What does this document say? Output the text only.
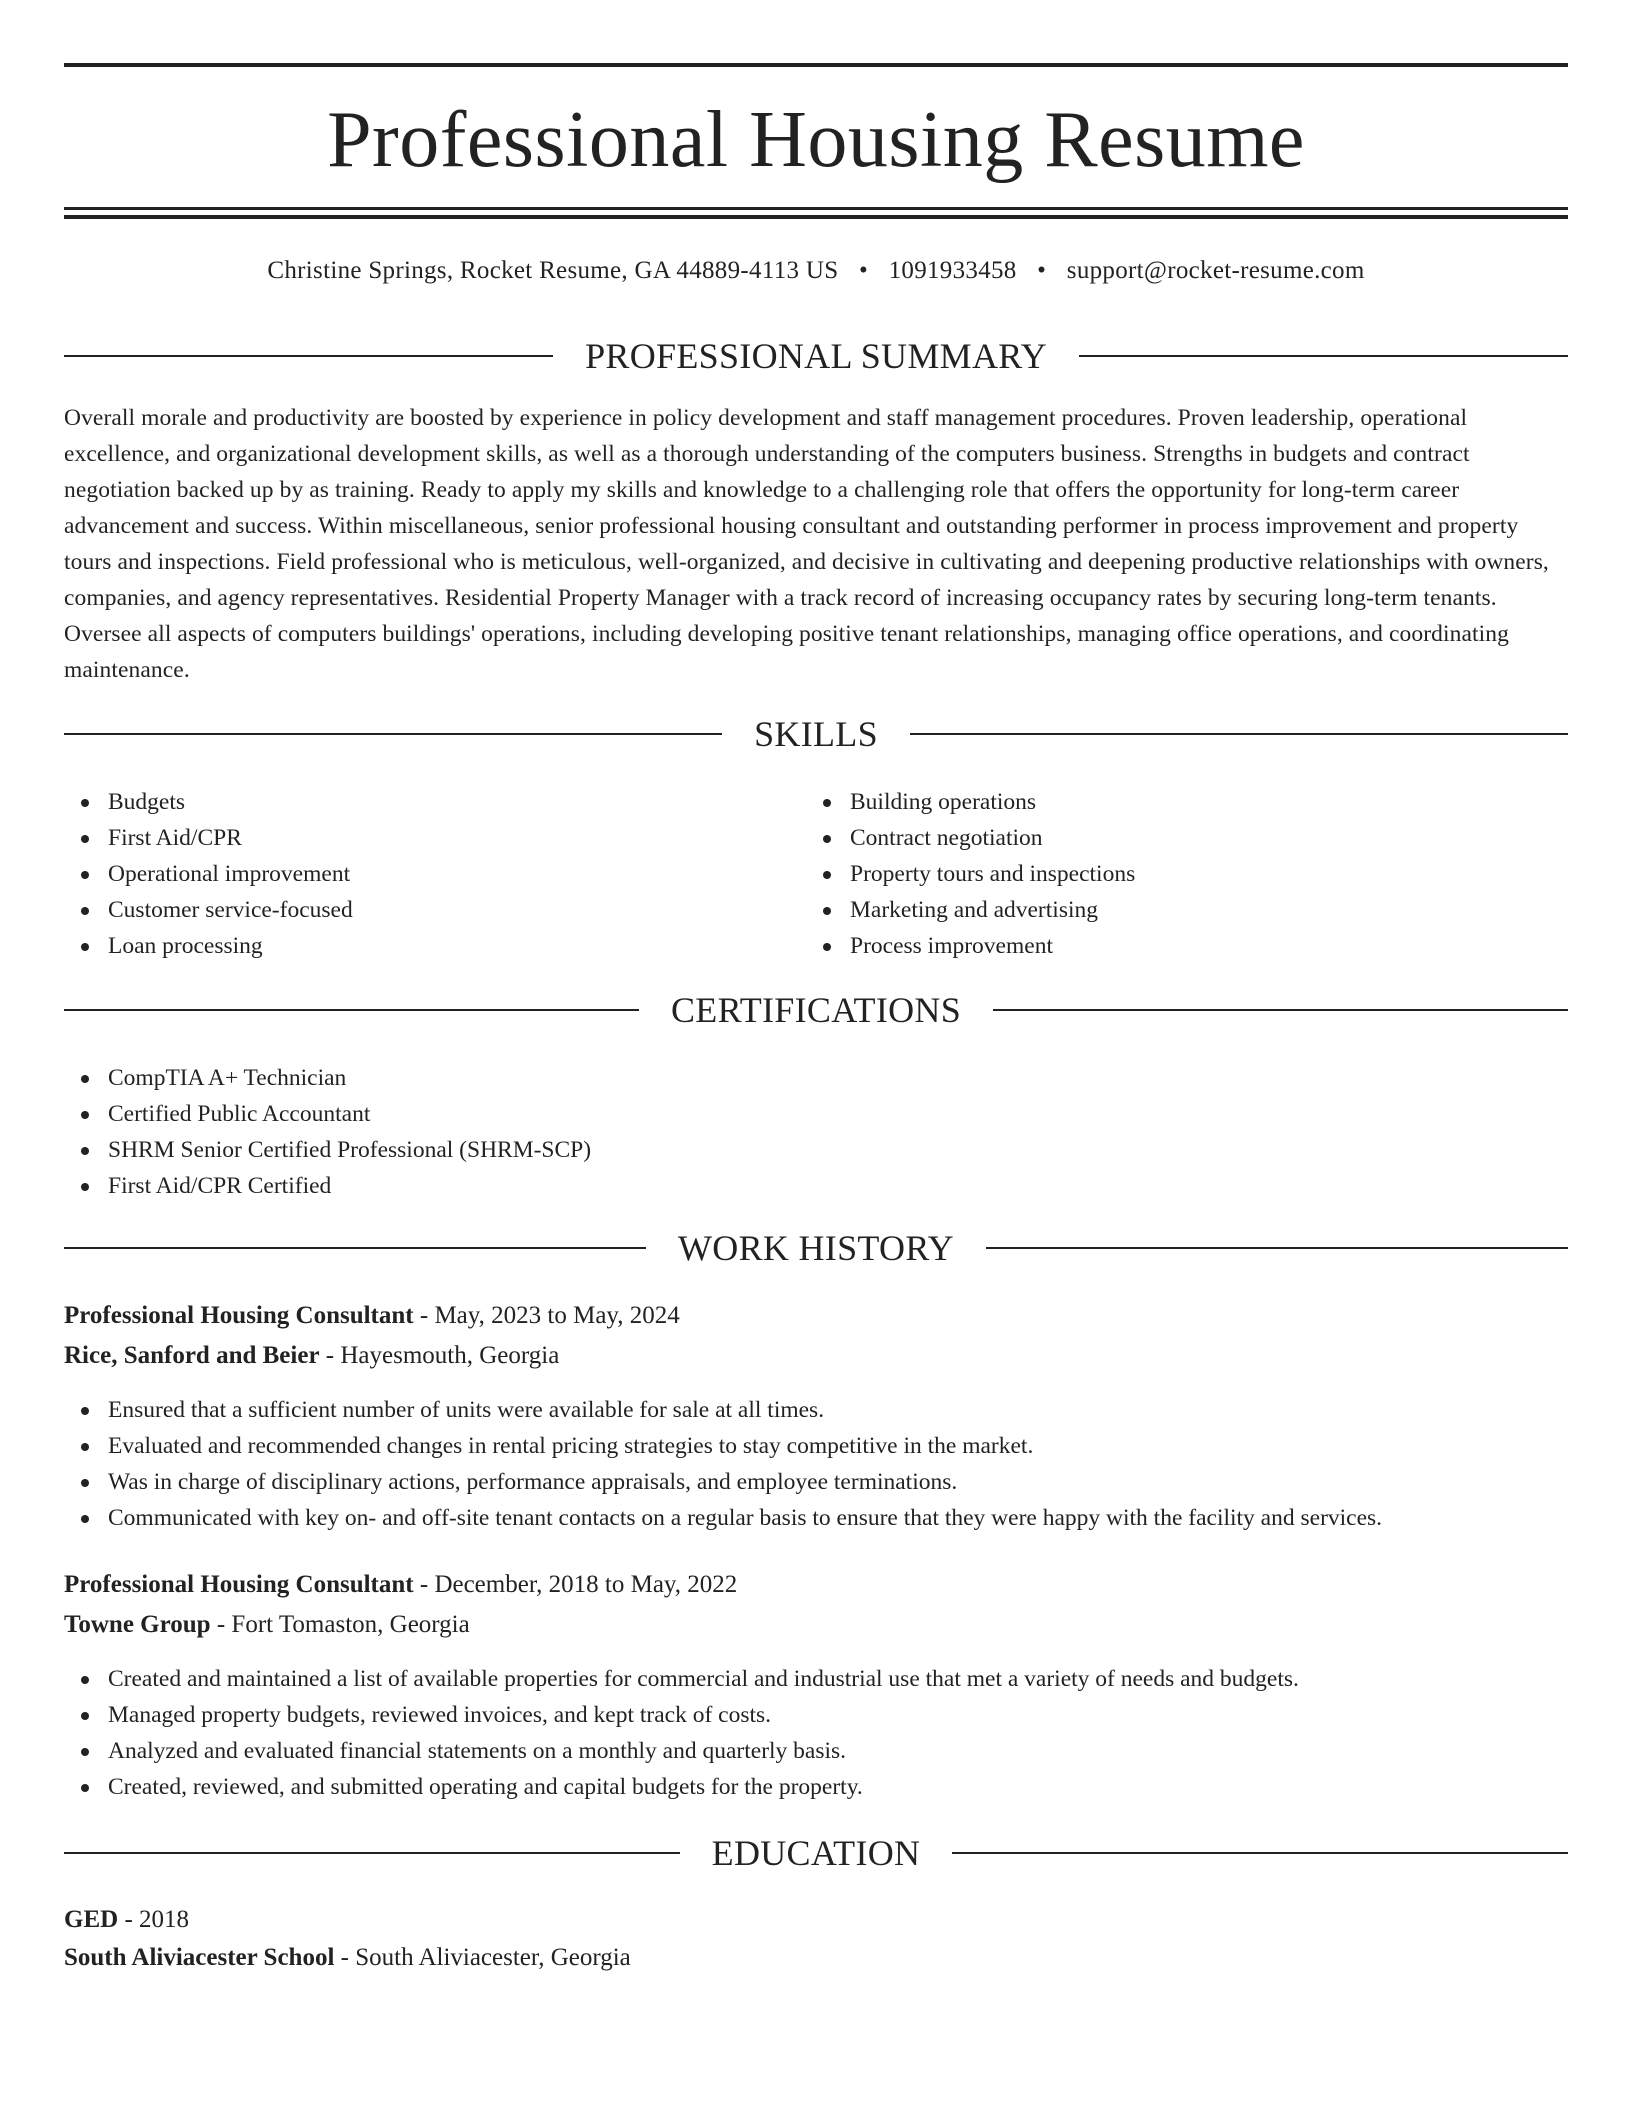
Professional Housing Resume
Christine Springs, Rocket Resume, GA 44889-4113 US • 1091933458 • support@rocket-resume.com
PROFESSIONAL SUMMARY

Overall morale and productivity are boosted by experience in policy development and staff management procedures. Proven leadership, operational excellence, and organizational development skills, as well as a thorough understanding of the computers business. Strengths in budgets and contract negotiation backed up by as training. Ready to apply my skills and knowledge to a challenging role that offers the opportunity for long-term career advancement and success. Within miscellaneous, senior professional housing consultant and outstanding performer in process improvement and property tours and inspections. Field professional who is meticulous, well-organized, and decisive in cultivating and deepening productive relationships with owners, companies, and agency representatives. Residential Property Manager with a track record of increasing occupancy rates by securing long-term tenants. Oversee all aspects of computers buildings' operations, including developing positive tenant relationships, managing office operations, and coordinating maintenance.

SKILLS
Budgets
First Aid/CPR
Operational improvement
Customer service-focused
Loan processing
Building operations
Contract negotiation
Property tours and inspections
Marketing and advertising
Process improvement
CERTIFICATIONS
CompTIA A+ Technician
Certified Public Accountant
SHRM Senior Certified Professional (SHRM-SCP)
First Aid/CPR Certified
WORK HISTORY
Professional Housing Consultant - May, 2023 to May, 2024
Rice, Sanford and Beier - Hayesmouth, Georgia
Ensured that a sufficient number of units were available for sale at all times.
Evaluated and recommended changes in rental pricing strategies to stay competitive in the market.
Was in charge of disciplinary actions, performance appraisals, and employee terminations.
Communicated with key on- and off-site tenant contacts on a regular basis to ensure that they were happy with the facility and services.
Professional Housing Consultant - December, 2018 to May, 2022
Towne Group - Fort Tomaston, Georgia
Created and maintained a list of available properties for commercial and industrial use that met a variety of needs and budgets.
Managed property budgets, reviewed invoices, and kept track of costs.
Analyzed and evaluated financial statements on a monthly and quarterly basis.
Created, reviewed, and submitted operating and capital budgets for the property.
EDUCATION
GED - 2018
South Aliviacester School - South Aliviacester, Georgia
